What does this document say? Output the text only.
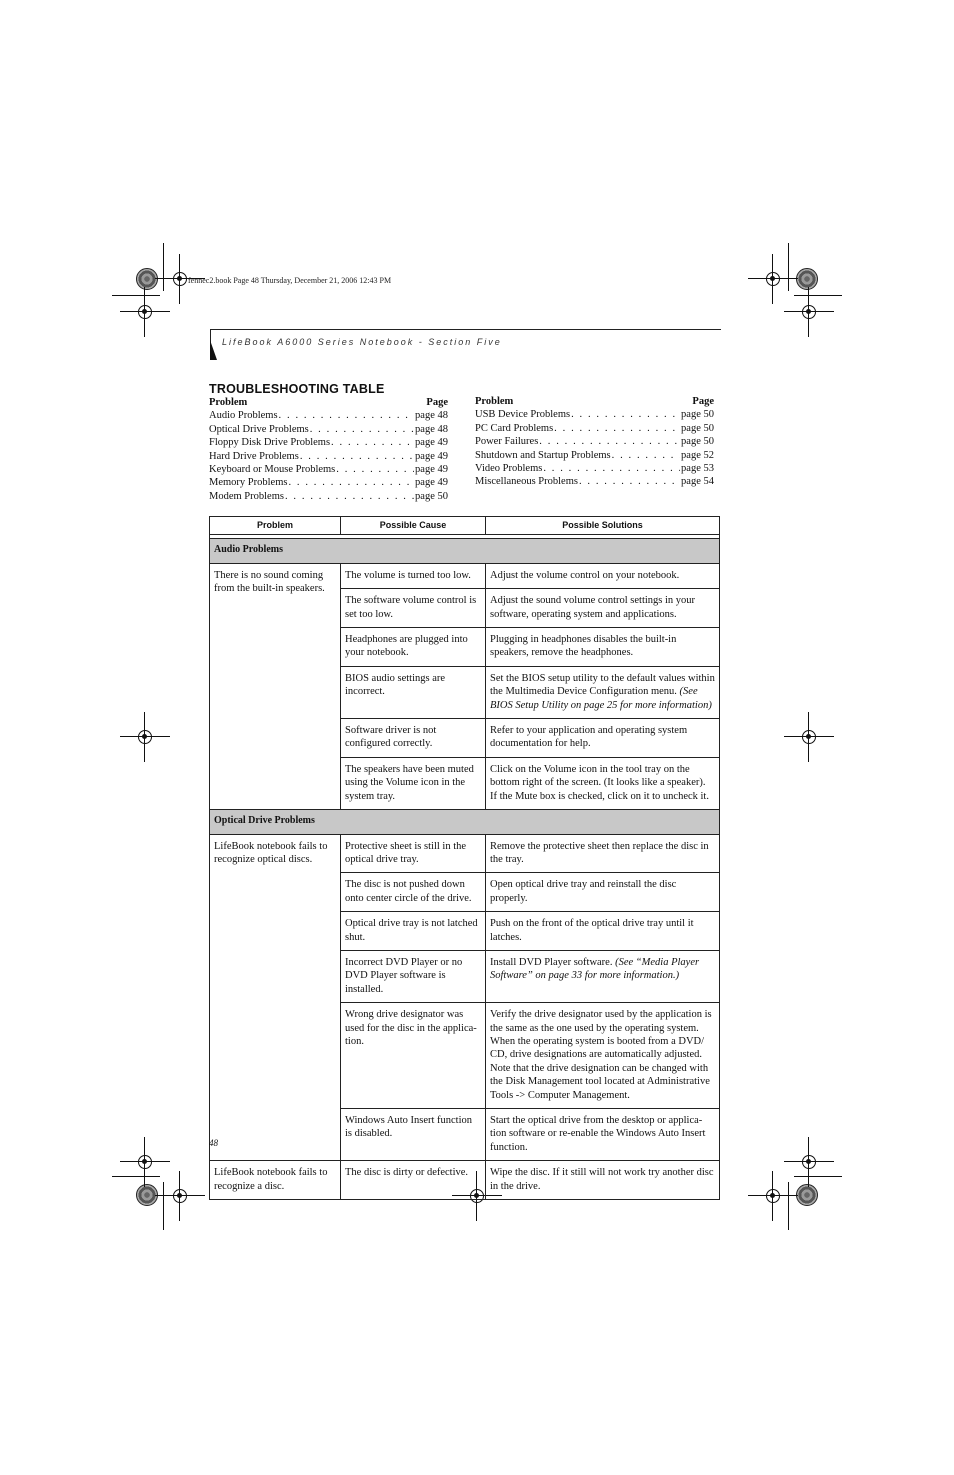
fennec2.book Page 48 Thursday, December 21, 2006 12:43 PM
LifeBook A6000 Series Notebook - Section Five
TROUBLESHOOTING TABLE
Problem	Page
Audio Problems . . .	page 48
Optical Drive Problems . . .	page 48
Floppy Disk Drive Problems . . .	page 49
Hard Drive Problems . . .	page 49
Keyboard or Mouse Problems . . .	page 49
Memory Problems . . .	page 49
Modem Problems . . .	page 50
Problem	Page
USB Device Problems . . .	page 50
PC Card Problems . . .	page 50
Power Failures . . .	page 50
Shutdown and Startup Problems . . .	page 52
Video Problems . . .	page 53
Miscellaneous Problems . . .	page 54
Problem	Possible Cause	Possible Solutions

Audio Problems		
There is no sound coming from the built-in speakers.	The volume is turned too low.	Adjust the volume control on your notebook.
	The software volume control is set too low.	Adjust the sound volume control settings in your software, operating system and applications.
	Headphones are plugged into your notebook.	Plugging in headphones disables the built-in speakers, remove the headphones.
	BIOS audio settings are incorrect.	Set the BIOS setup utility to the default values within the Multimedia Device Configuration menu. (See BIOS Setup Utility on page 25 for more information)
	Software driver is not configured correctly.	Refer to your application and operating system documentation for help.
	The speakers have been muted using the Volume icon in the system tray.	Click on the Volume icon in the tool tray on the bottom right of the screen. (It looks like a speaker). If the Mute box is checked, click on it to uncheck it.
Optical Drive Problems		
LifeBook notebook fails to recognize optical discs.	Protective sheet is still in the optical drive tray.	Remove the protective sheet then replace the disc in the tray.
	The disc is not pushed down onto center circle of the drive.	Open optical drive tray and reinstall the disc properly.
	Optical drive tray is not latched shut.	Push on the front of the optical drive tray until it latches.
	Incorrect DVD Player or no DVD Player software is installed.	Install DVD Player software. (See “Media Player Software” on page 33 for more information.)
	Wrong drive designator was used for the disc in the applica-tion.	Verify the drive designator used by the application is the same as the one used by the operating system. When the operating system is booted from a DVD/ CD, drive designations are automatically adjusted. Note that the drive designation can be changed with the Disk Management tool located at Administrative Tools -> Computer Management.
	Windows Auto Insert function is disabled.	Start the optical drive from the desktop or applica-tion software or re-enable the Windows Auto Insert function.
LifeBook notebook fails to recognize a disc.	The disc is dirty or defective.	Wipe the disc. If it still will not work try another disc in the drive.
48
